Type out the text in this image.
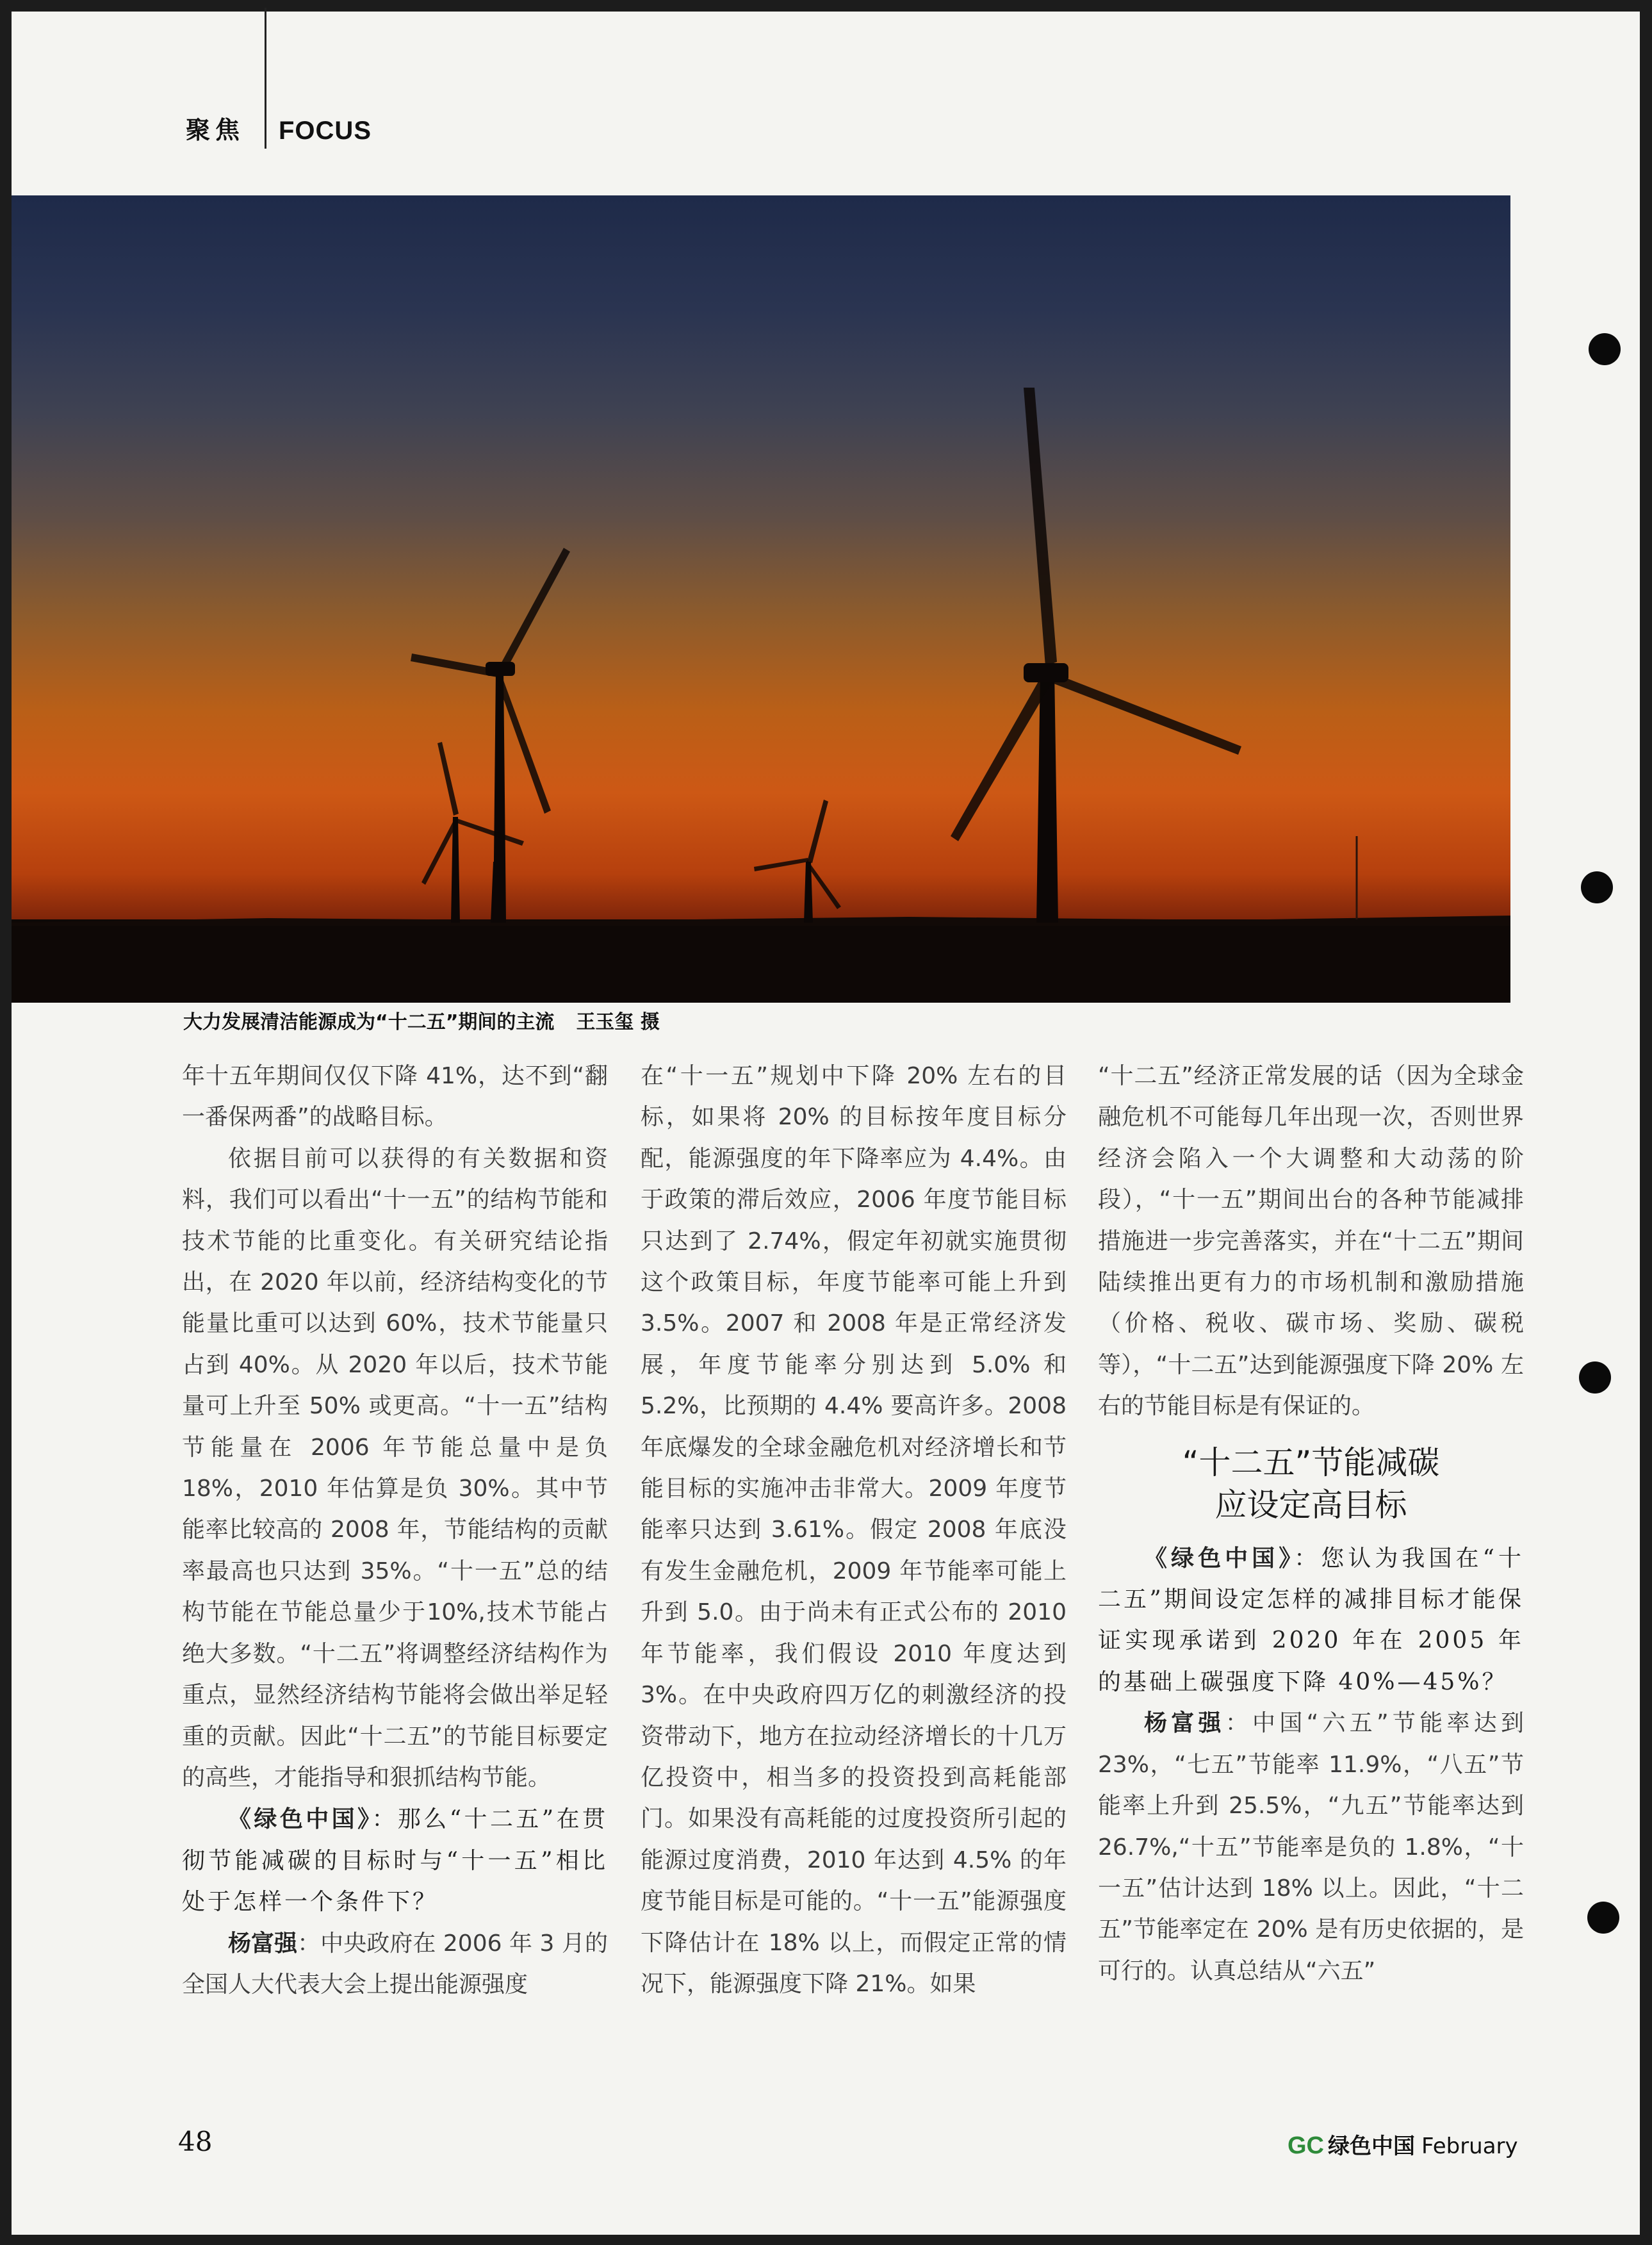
聚焦 FOCUS
大力发展清洁能源成为“十二五”期间的主流 王玉玺 摄

年十五年期间仅仅下降 41%，达不到“翻一番保两番”的战略目标。

依据目前可以获得的有关数据和资料，我们可以看出“十一五”的结构节能和技术节能的比重变化。有关研究结论指出，在 2020 年以前，经济结构变化的节能量比重可以达到 60%，技术节能量只占到 40%。从 2020 年以后，技术节能量可上升至 50% 或更高。“十一五”结构节能量在 2006 年节能总量中是负 18%，2010 年估算是负 30%。其中节能率比较高的 2008 年，节能结构的贡献率最高也只达到 35%。“十一五”总的结构节能在节能总量少于10%,技术节能占绝大多数。“十二五”将调整经济结构作为重点，显然经济结构节能将会做出举足轻重的贡献。因此“十二五”的节能目标要定的高些，才能指导和狠抓结构节能。

《绿色中国》：那么“十二五”在贯彻节能减碳的目标时与“十一五”相比处于怎样一个条件下？

杨富强：中央政府在 2006 年 3 月的全国人大代表大会上提出能源强度

在“十一五”规划中下降 20% 左右的目标，如果将 20% 的目标按年度目标分配，能源强度的年下降率应为 4.4%。由于政策的滞后效应，2006 年度节能目标只达到了 2.74%，假定年初就实施贯彻这个政策目标，年度节能率可能上升到 3.5%。2007 和 2008 年是正常经济发展，年度节能率分别达到 5.0% 和 5.2%，比预期的 4.4% 要高许多。2008 年底爆发的全球金融危机对经济增长和节能目标的实施冲击非常大。2009 年度节能率只达到 3.61%。假定 2008 年底没有发生金融危机，2009 年节能率可能上升到 5.0。由于尚未有正式公布的 2010 年节能率，我们假设 2010 年度达到 3%。在中央政府四万亿的刺激经济的投资带动下，地方在拉动经济增长的十几万亿投资中，相当多的投资投到高耗能部门。如果没有高耗能的过度投资所引起的能源过度消费，2010 年达到 4.5% 的年度节能目标是可能的。“十一五”能源强度下降估计在 18% 以上，而假定正常的情况下，能源强度下降 21%。如果

“十二五”经济正常发展的话（因为全球金融危机不可能每几年出现一次，否则世界经济会陷入一个大调整和大动荡的阶段），“十一五”期间出台的各种节能减排措施进一步完善落实，并在“十二五”期间陆续推出更有力的市场机制和激励措施（价格、税收、碳市场、奖励、碳税等），“十二五”达到能源强度下降 20% 左右的节能目标是有保证的。

“十二五”节能减碳
应设定高目标

《绿色中国》：您认为我国在“十二五”期间设定怎样的减排目标才能保证实现承诺到 2020 年在 2005 年的基础上碳强度下降 40%—45%？

杨富强：中国“六五”节能率达到 23%，“七五”节能率 11.9%，“八五”节能率上升到 25.5%，“九五”节能率达到 26.7%,“十五”节能率是负的 1.8%，“十一五”估计达到 18% 以上。因此，“十二五”节能率定在 20% 是有历史依据的，是可行的。认真总结从“六五”

48	GC 绿色中国 February
